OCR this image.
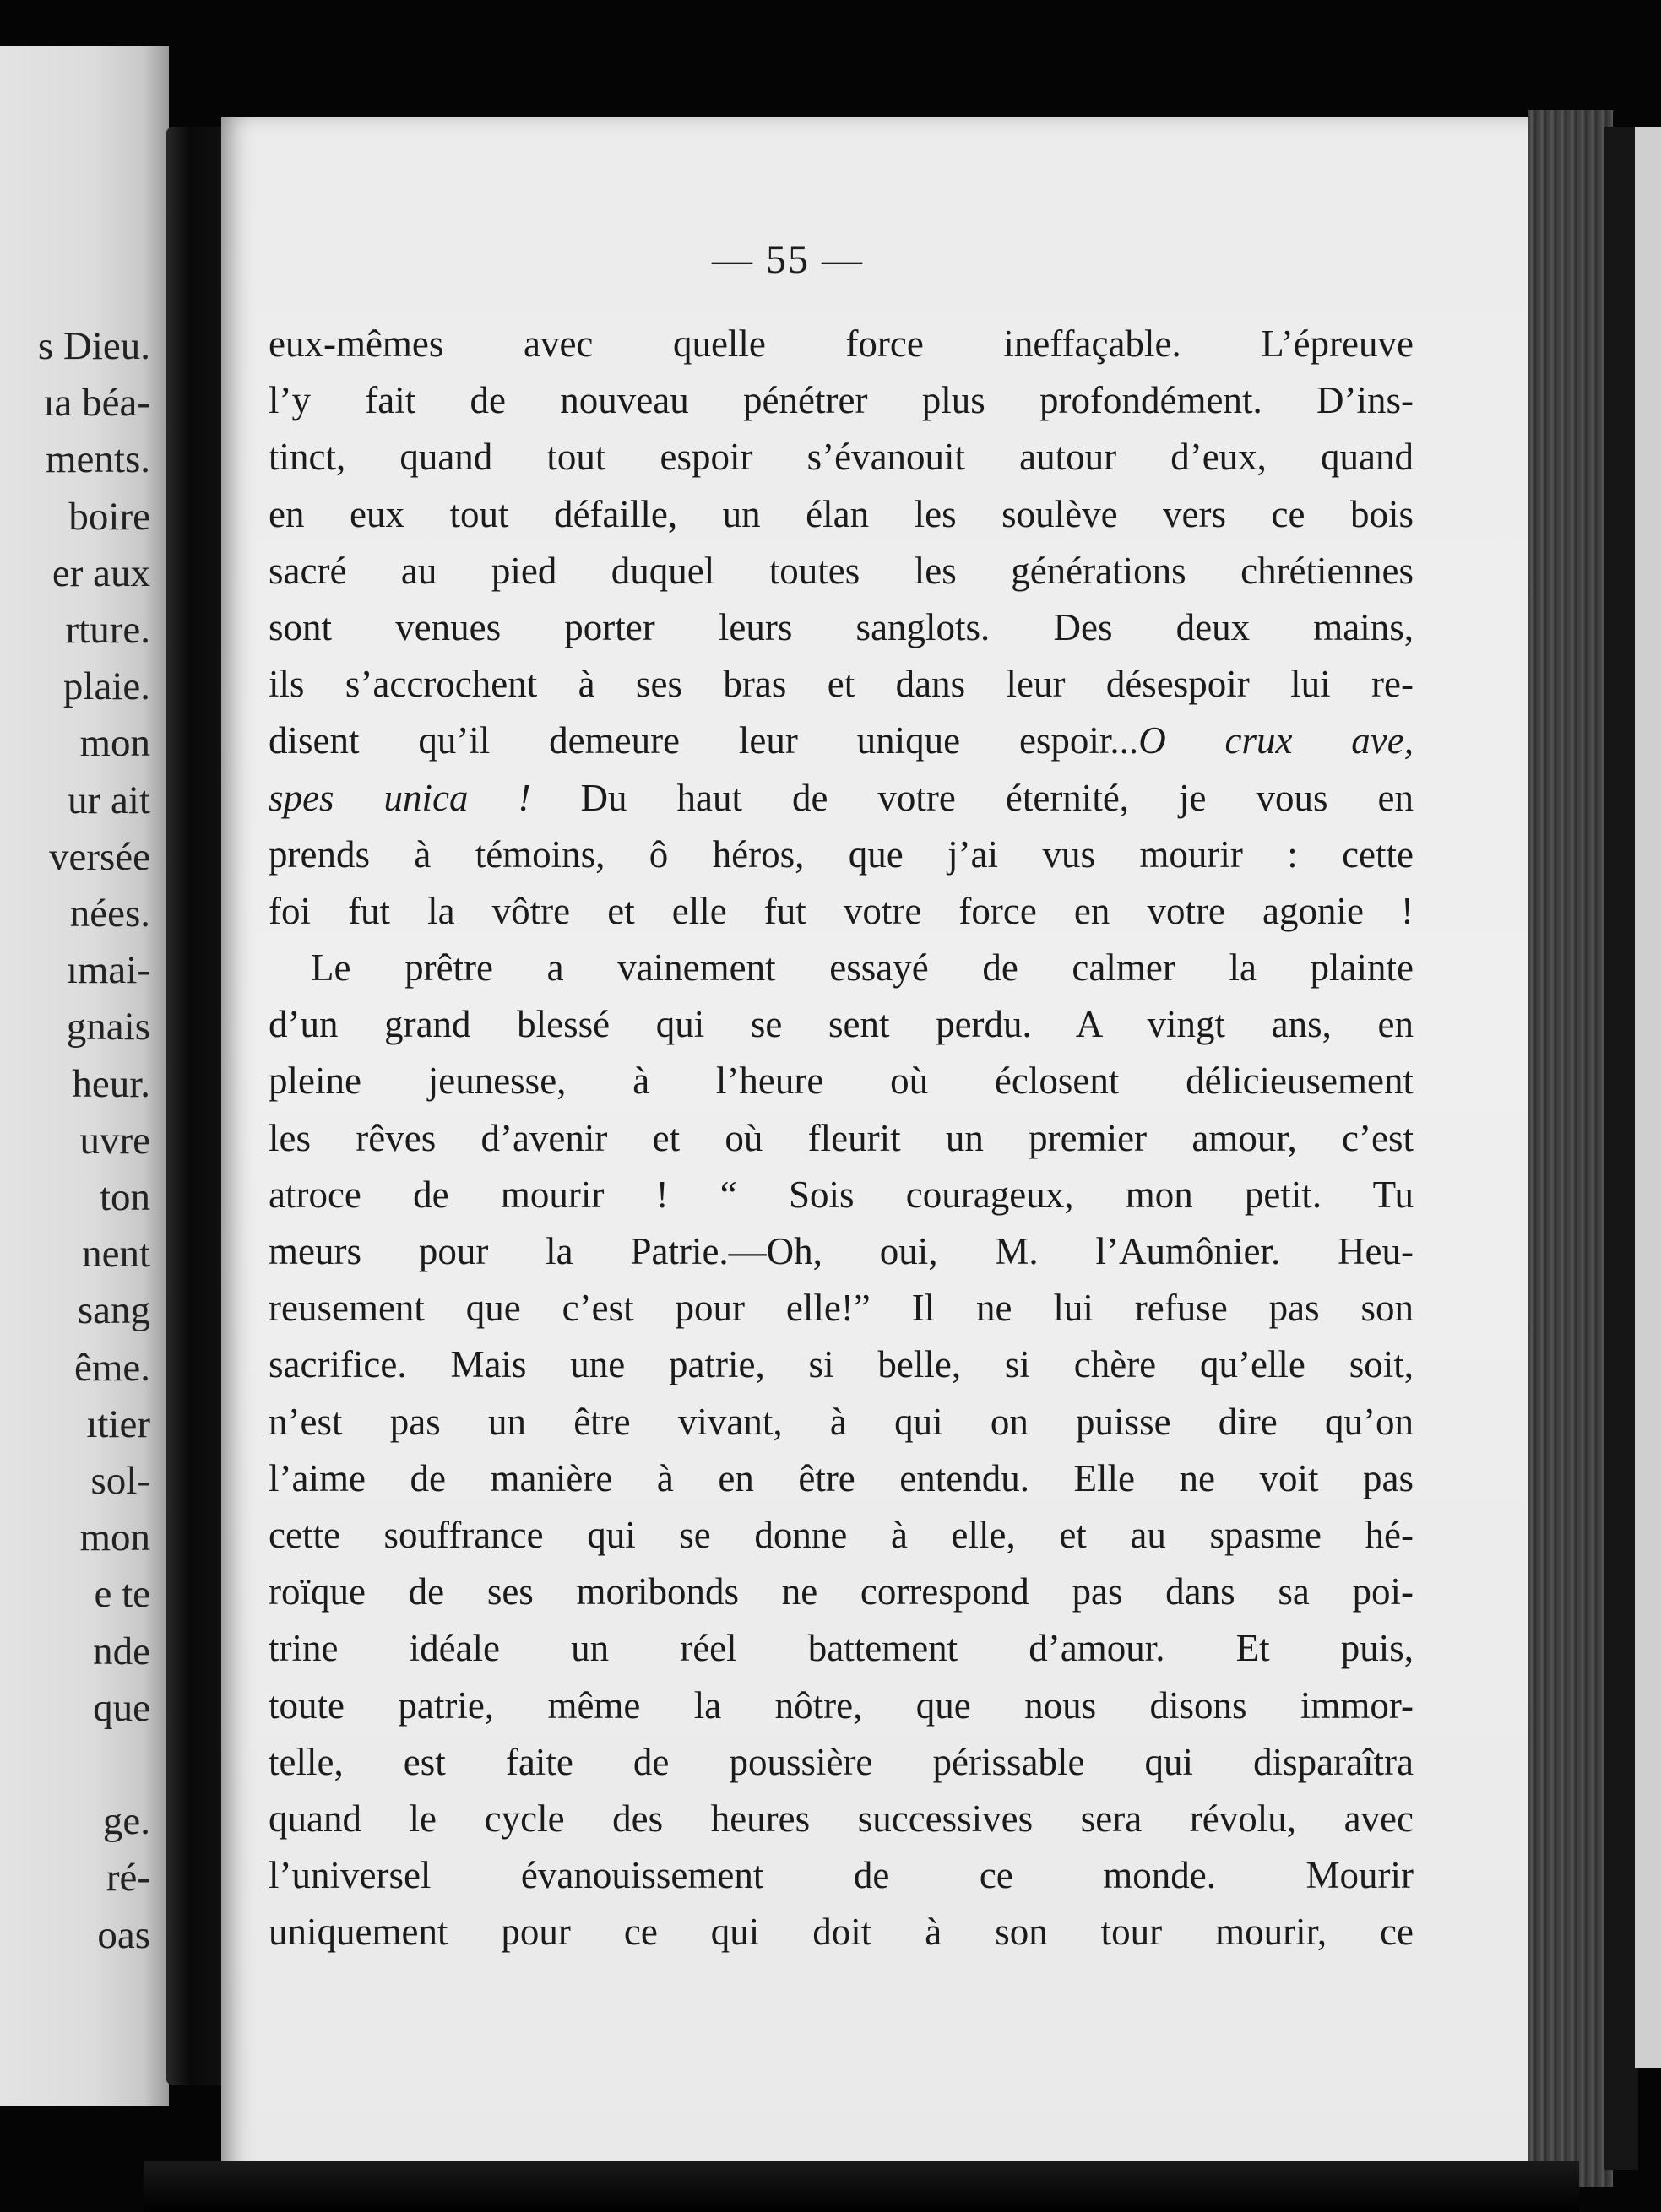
s Dieu.
ıa béa-
ments.
boire
er aux
rture.
plaie.
mon
ur ait
versée
nées.
ımai-
gnais
heur.
uvre
ton
nent
sang
ême.
ıtier
sol-
mon
e te
nde
que

ge.
ré-
oas
— 55 —
eux-mêmes avec quelle force ineffaçable. L’épreuve
l’y fait de nouveau pénétrer plus profondément. D’ins-
tinct, quand tout espoir s’évanouit autour d’eux, quand
en eux tout défaille, un élan les soulève vers ce bois
sacré au pied duquel toutes les générations chrétiennes
sont venues porter leurs sanglots. Des deux mains,
ils s’accrochent à ses bras et dans leur désespoir lui re-
disent qu’il demeure leur unique espoir...O crux ave,
spes unica ! Du haut de votre éternité, je vous en
prends à témoins, ô héros, que j’ai vus mourir : cette
foi fut la vôtre et elle fut votre force en votre agonie !
Le prêtre a vainement essayé de calmer la plainte
d’un grand blessé qui se sent perdu. A vingt ans, en
pleine jeunesse, à l’heure où éclosent délicieusement
les rêves d’avenir et où fleurit un premier amour, c’est
atroce de mourir ! “ Sois courageux, mon petit. Tu
meurs pour la Patrie.—Oh, oui, M. l’Aumônier. Heu-
reusement que c’est pour elle!” Il ne lui refuse pas son
sacrifice. Mais une patrie, si belle, si chère qu’elle soit,
n’est pas un être vivant, à qui on puisse dire qu’on
l’aime de manière à en être entendu. Elle ne voit pas
cette souffrance qui se donne à elle, et au spasme hé-
roïque de ses moribonds ne correspond pas dans sa poi-
trine idéale un réel battement d’amour. Et puis,
toute patrie, même la nôtre, que nous disons immor-
telle, est faite de poussière périssable qui disparaîtra
quand le cycle des heures successives sera révolu, avec
l’universel évanouissement de ce monde. Mourir
uniquement pour ce qui doit à son tour mourir, ce
